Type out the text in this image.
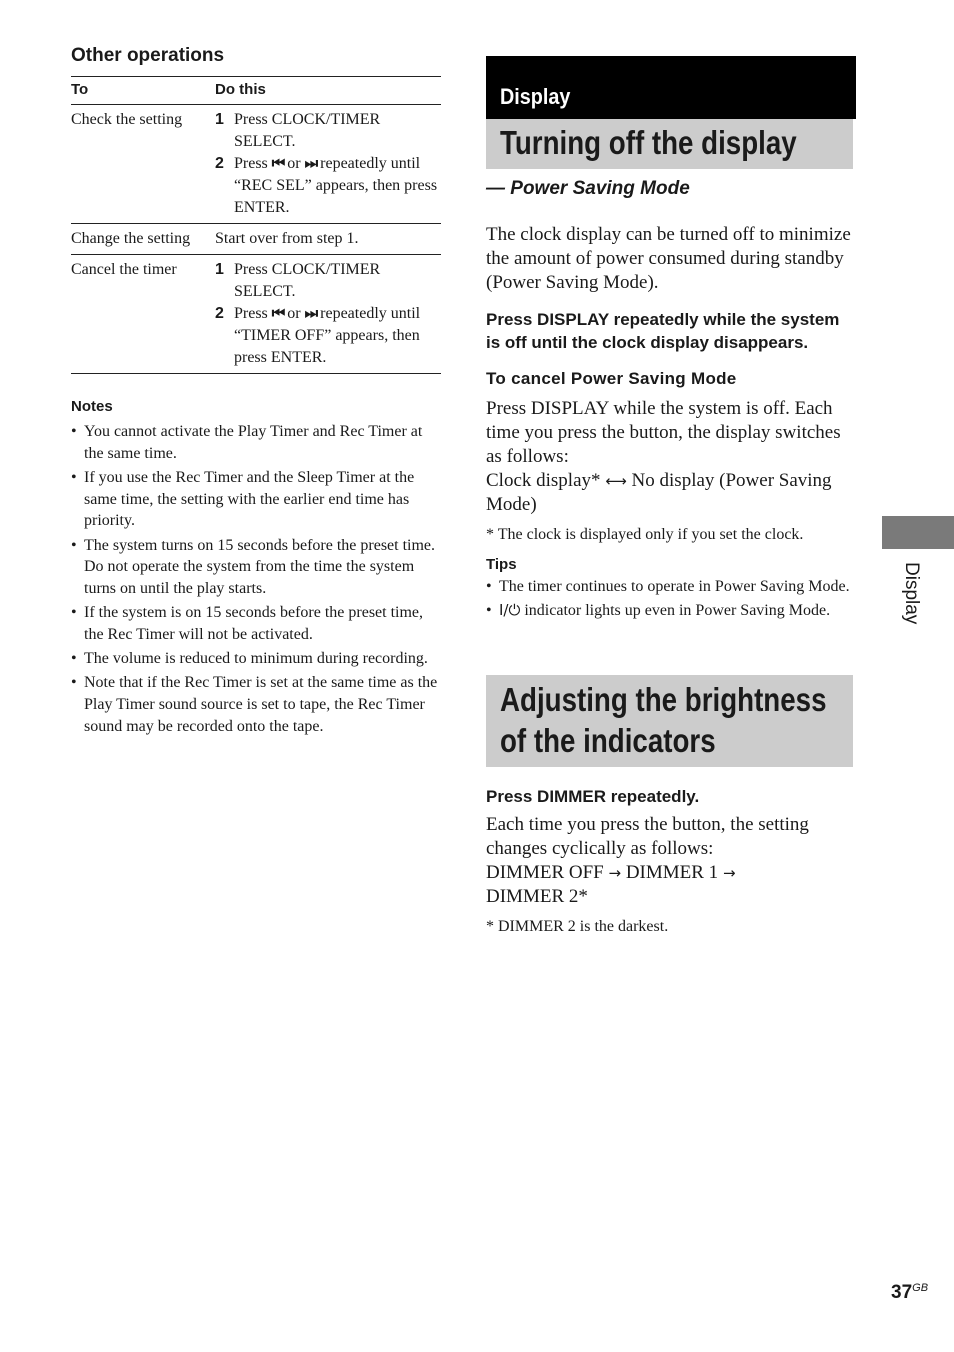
Other operations
To	Do this
Check the setting	1 Press CLOCK/TIMER SELECT.
2 Press ⏮ or ⏭ repeatedly until “REC SEL” appears, then press ENTER.

Change the setting	Start over from step 1.
Cancel the timer	1 Press CLOCK/TIMER SELECT.
2 Press ⏮ or ⏭ repeatedly until “TIMER OFF” appears, then press ENTER.
Notes
• You cannot activate the Play Timer and Rec Timer at the same time.
• If you use the Rec Timer and the Sleep Timer at the same time, the setting with the earlier end time has priority.
• The system turns on 15 seconds before the preset time. Do not operate the system from the time the system turns on until the play starts.
• If the system is on 15 seconds before the preset time, the Rec Timer will not be activated.
• The volume is reduced to minimum during recording.
• Note that if the Rec Timer is set at the same time as the Play Timer sound source is set to tape, the Rec Timer sound may be recorded onto the tape.
Display
Turning off the display

— Power Saving Mode

The clock display can be turned off to minimize the amount of power consumed during standby (Power Saving Mode).

Press DISPLAY repeatedly while the system is off until the clock display disappears.

To cancel Power Saving Mode

Press DISPLAY while the system is off. Each time you press the button, the display switches as follows:

Clock display* ⟷ No display (Power Saving Mode)

* The clock is displayed only if you set the clock.

Tips

• The timer continues to operate in Power Saving Mode.
• I/⏻ indicator lights up even in Power Saving Mode.
Adjusting the brightness
of the indicators

Press DIMMER repeatedly.

Each time you press the button, the setting changes cyclically as follows:

DIMMER OFF → DIMMER 1 →
DIMMER 2*

* DIMMER 2 is the darkest.

Display
$37^{GB}$
